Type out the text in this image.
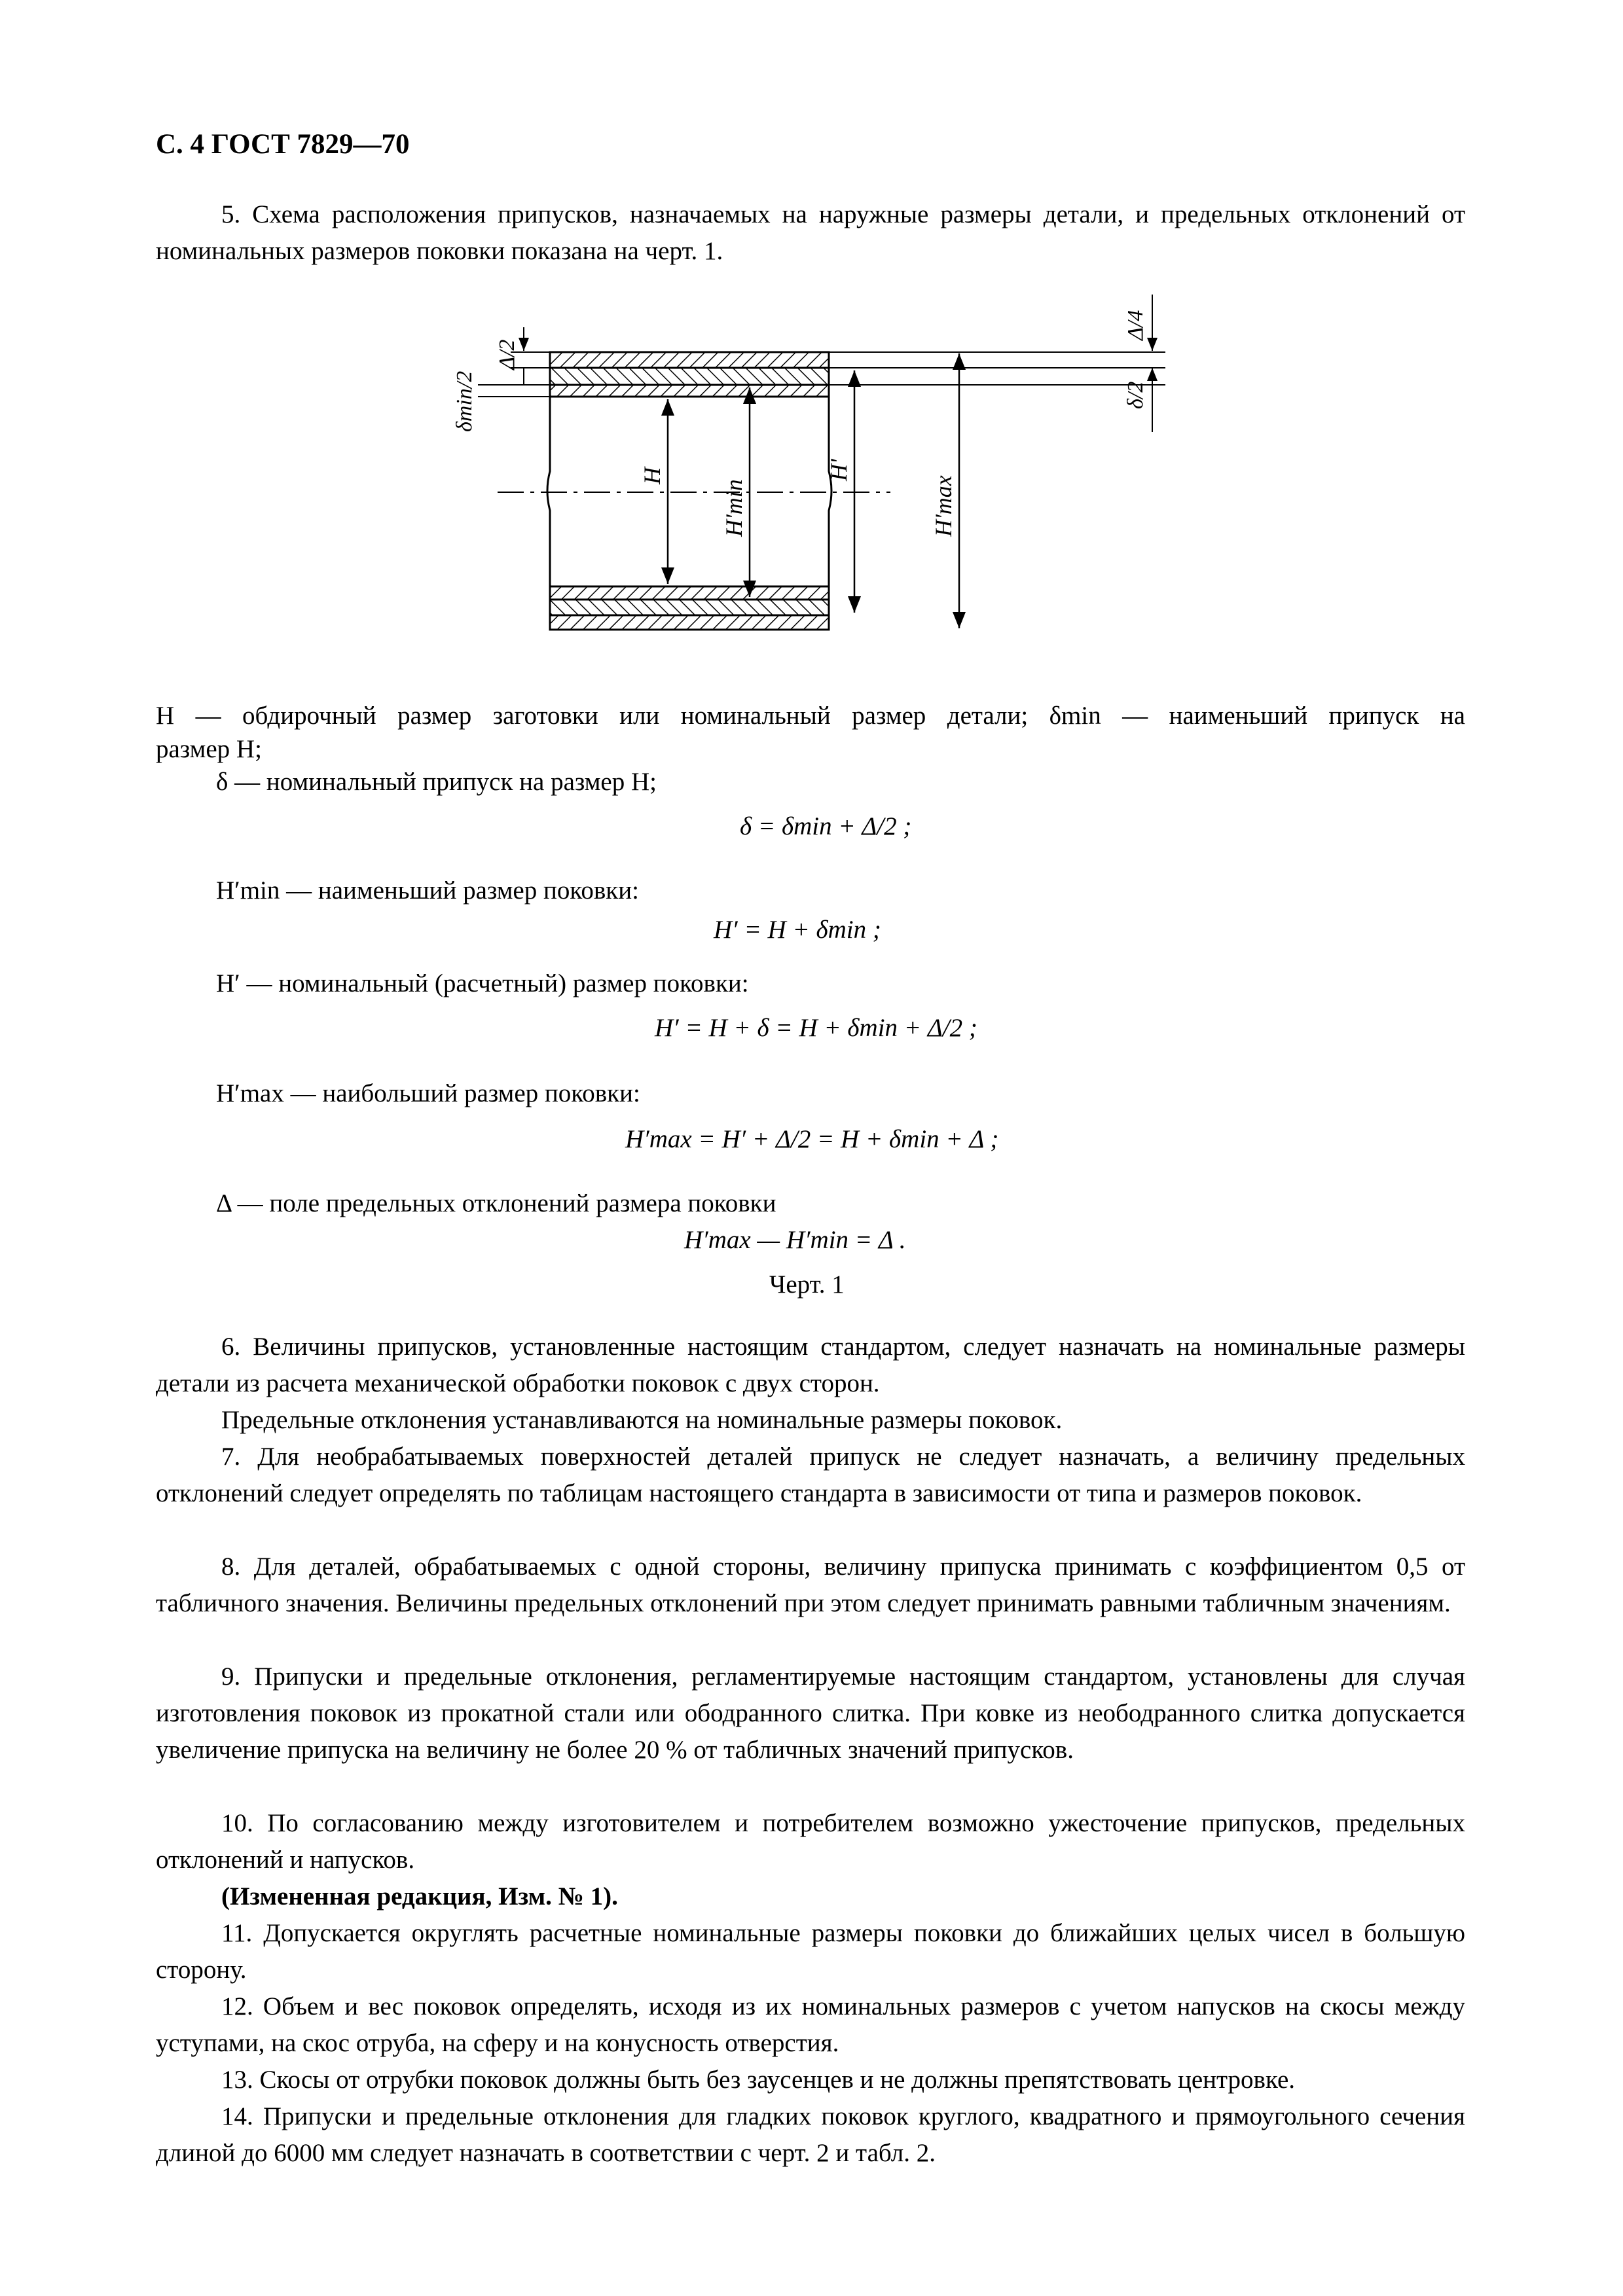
С. 4 ГОСТ 7829—70
5. Схема расположения припусков, назначаемых на наружные размеры детали, и предельных отклонений от номинальных размеров поковки показана на черт. 1.
Δ/2
δmin/2
Δ/4
δ/2
H
H'min
H'
H'max
H — обдирочный размер заготовки или номинальный размер детали; δmin — наименьший припуск на
размер H;
δ — номинальный припуск на размер H;
δ = δmin + Δ/2 ;
H′min — наименьший размер поковки:
H′ = H + δmin ;
H′ — номинальный (расчетный) размер поковки:
H′ = H + δ = H + δmin + Δ/2 ;
H′max — наибольший размер поковки:
H′max = H′ + Δ/2 = H + δmin + Δ ;
Δ — поле предельных отклонений размера поковки
H′max — H′min = Δ .
Черт. 1
6. Величины припусков, установленные настоящим стандартом, следует назначать на номинальные размеры детали из расчета механической обработки поковок с двух сторон.
Предельные отклонения устанавливаются на номинальные размеры поковок.
7. Для необрабатываемых поверхностей деталей припуск не следует назначать, а величину предельных отклонений следует определять по таблицам настоящего стандарта в зависимости от типа и размеров поковок.
8. Для деталей, обрабатываемых с одной стороны, величину припуска принимать с коэффициентом 0,5 от табличного значения. Величины предельных отклонений при этом следует принимать равными табличным значениям.
9. Припуски и предельные отклонения, регламентируемые настоящим стандартом, установлены для случая изготовления поковок из прокатной стали или ободранного слитка. При ковке из неободранного слитка допускается увеличение припуска на величину не более 20 % от табличных значений припусков.
10. По согласованию между изготовителем и потребителем возможно ужесточение припусков, предельных отклонений и напусков.
(Измененная редакция, Изм. № 1).
11. Допускается округлять расчетные номинальные размеры поковки до ближайших целых чисел в большую сторону.
12. Объем и вес поковок определять, исходя из их номинальных размеров с учетом напусков на скосы между уступами, на скос отруба, на сферу и на конусность отверстия.
13. Скосы от отрубки поковок должны быть без заусенцев и не должны препятствовать центровке.
14. Припуски и предельные отклонения для гладких поковок круглого, квадратного и прямоугольного сечения длиной до 6000 мм следует назначать в соответствии с черт. 2 и табл. 2.
